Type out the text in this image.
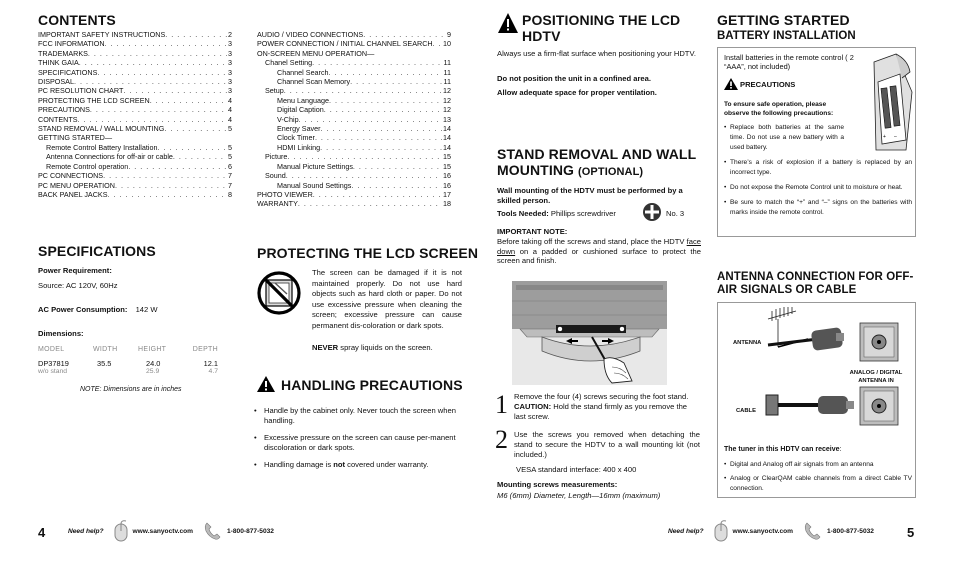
CONTENTS
IMPORTANT SAFETY INSTRUCTIONS . . .	2
FCC INFORMATION . . .	3
TRADEMARKS . . .	3
THINK GAIA . . .	3
SPECIFICATIONS . . .	3
DISPOSAL . . .	3
PC RESOLUTION CHART . . .	3
PROTECTING THE LCD SCREEN . . .	4
PRECAUTIONS . . .	4
CONTENTS . . .	4
STAND REMOVAL / WALL MOUNTING . . .	5
GETTING STARTED—
Remote Control Battery Installation . . .	5
Antenna Connections for off-air or cable . . .	5
Remote Control operation . . .	6
PC CONNECTIONS . . .	7
PC MENU OPERATION . . .	7
BACK PANEL JACKS . . .	8
AUDIO / VIDEO CONNECTIONS . . .	9
POWER CONNECTION / INITIAL CHANNEL SEARCH . . . 10
ON-SCREEN MENU OPERATION—
Chanel Setting . . .	11
Channel Search . . .	11
Channel Scan Memory . . .	11
Setup . . .	12
Menu Language . . .	12
Digital Caption . . .	12
V-Chip . . .	13
Energy Saver . . .	14
Clock Timer . . .	14
HDMI Linking . . .	14
Picture . . .	15
Manual Picture Settings . . .	15
Sound . . .	16
Manual Sound Settings . . .	16
PHOTO VIEWER . . .	17
WARRANTY . . .	18
SPECIFICATIONS
Power Requirement:
Source: AC 120V, 60Hz
AC Power Consumption: 142 W
Dimensions:
MODEL	WIDTH	HEIGHT	DEPTH

DP37819	35.5	24.0	12.1
w/o stand		25.9	4.7
NOTE: Dimensions are in inches
PROTECTING THE LCD SCREEN
The screen can be damaged if it is not maintained properly. Do not use hard objects such as hard cloth or paper. Do not use excessive pressure when cleaning the screen; excessive pressure can cause permanent dis-coloration or dark spots.
NEVER spray liquids on the screen.
HANDLING PRECAUTIONS
• Handle by the cabinet only. Never touch the screen when handling.
• Excessive pressure on the screen can cause per-manent discoloration or dark spots.
• Handling damage is not covered under warranty.
4	Need help?	www.sanyoctv.com	1-800-877-5032
POSITIONING THE LCD HDTV
Always use a firm-flat surface when positioning your HDTV.
Do not position the unit in a confined area.
Allow adequate space for proper ventilation.
STAND REMOVAL AND WALL MOUNTING (OPTIONAL)
Wall mounting of the HDTV must be performed by a skilled person.
Tools Needed: Phillips screwdriver	No. 3
IMPORTANT NOTE:
Before taking off the screws and stand, place the HDTV face down on a padded or cushioned surface to protect the screen and finish.
1 Remove the four (4) screws securing the foot stand. CAUTION: Hold the stand firmly as you remove the last screw.
2 Use the screws you removed when detaching the stand to secure the HDTV to a wall mounting kit (not included.)
VESA standard interface: 400 x 400
Mounting screws measurements:
M6 (6mm) Diameter, Length—16mm (maximum)
GETTING STARTED
BATTERY INSTALLATION
Install batteries in the remote control ( 2 “AAA”, not included)
PRECAUTIONS
To ensure safe operation, please observe the following precautions:
• Replace both batteries at the same time. Do not use a new battery with a used battery.
• There’s a risk of explosion if a battery is replaced by an incorrect type.
• Do not expose the Remote Control unit to moisture or heat.
• Be sure to match the “+” and “–” signs on the batteries with marks inside the remote control.
+ –
ANTENNA CONNECTION FOR OFF-AIR SIGNALS OR CABLE
ANTENNA
CABLE
ANALOG / DIGITAL ANTENNA IN
The tuner in this HDTV can receive:
• Digital and Analog off air signals from an antenna
• Analog or ClearQAM cable channels from a direct Cable TV connection.
Need help?	www.sanyoctv.com	1-800-877-5032	5
